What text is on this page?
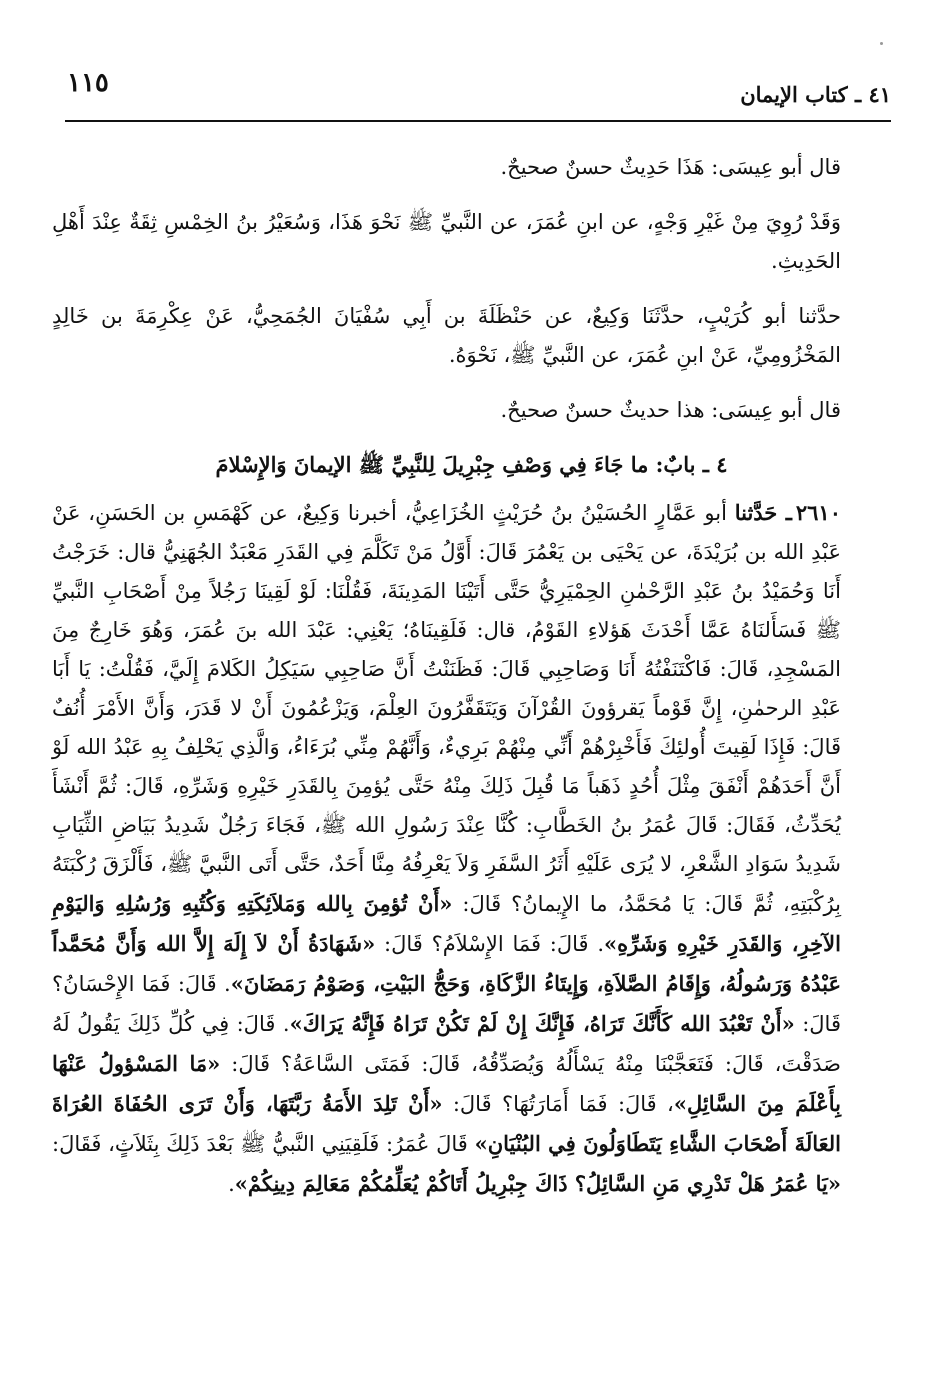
٤١ ـ كتاب الإيمان
١١٥

قال أبو عِيسَى: هَذَا حَدِيثٌ حسنٌ صحيحٌ.

وَقَدْ رُوِيَ مِنْ غَيْرِ وَجْهٍ، عن ابنِ عُمَرَ، عن النَّبيِّ ﷺ نَحْوَ هَذَا، وَسُعَيْرُ بنُ الخِمْسِ ثِقَةٌ عِنْدَ أَهْلِ الحَدِيثِ.

حدَّثنا أبو كُرَيْبٍ، حدَّثَنَا وَكِيعٌ، عن حَنْظَلَةَ بن أَبِي سُفْيَانَ الجُمَحِيُّ، عَنْ عِكْرِمَةَ بن خَالِدٍ المَخْزُومِيِّ، عَنْ ابنِ عُمَرَ، عن النَّبيِّ ﷺ، نَحْوَهُ.

قال أبو عِيسَى: هذا حديثٌ حسنٌ صحيحٌ.

٤ ـ بابٌ: ما جَاءَ فِي وَصْفِ جِبْرِيلَ لِلنَّبِيِّ ﷺ الإيمانَ وَالإِسْلامَ

٢٦١٠ـ حَدَّثنا أبو عَمَّارٍ الحُسَيْنُ بنُ حُرَيْثٍ الخُزَاعِيُّ، أخبرنا وَكِيعٌ، عن كَهْمَسِ بن الحَسَنِ، عَنْ عَبْدِ الله بن بُرَيْدَةَ، عن يَحْيَى بن يَعْمُرَ قَالَ: أَوَّلُ مَنْ تَكَلَّمَ فِي القَدَرِ مَعْبَدٌ الجُهَنِيُّ قال: خَرَجْتُ أَنَا وَحُمَيْدُ بنُ عَبْدِ الرَّحْمٰنِ الحِمْيَرِيُّ حَتَّى أَتَيْنَا المَدِينَةَ، فَقُلْنَا: لَوْ لَقِينَا رَجُلاً مِنْ أَصْحَابِ النَّبيِّ ﷺ فَسَأَلنَاهُ عَمَّا أَحْدَثَ هَؤلاءِ القَوْمُ، قال: فَلَقِينَاهُ؛ يَعْنِي: عَبْدَ الله بنَ عُمَرَ، وَهُوَ خَارِجٌ مِنَ المَسْجِدِ، قَالَ: فَاكْتَنَفْتُهُ أَنَا وَصَاحِبِي قَالَ: فَظَنَنْتُ أَنَّ صَاحِبِي سَيَكِلُ الكَلامَ إِلَيَّ، فَقُلْتُ: يَا أَبَا عَبْدِ الرحمٰنِ، إِنَّ قَوْماً يَقرؤونَ القُرْآنَ وَيَتَقَفَّرُونَ العِلْمَ، وَيَزْعُمُونَ أَنْ لا قَدَرَ، وَأَنَّ الأَمْرَ أُنُفٌ قَالَ: فَإِذَا لَقِيتَ أُولئِكَ فَأَخْبِرْهُمْ أَنِّي مِنْهُمْ بَرِيءٌ، وَأَنَّهُمْ مِنِّي بُرَءَاءُ، وَالَّذِي يَحْلِفُ بِهِ عَبْدُ الله لَوْ أَنَّ أَحَدَهُمْ أَنْفَقَ مِثْلَ أُحُدٍ ذَهَباً مَا قُبِلَ ذَلِكَ مِنْهُ حَتَّى يُؤمِنَ بِالقَدَرِ خَيْرِهِ وَشَرِّهِ، قَالَ: ثُمَّ أَنْشَأَ يُحَدِّثُ، فَقَالَ: قَالَ عُمَرُ بنُ الخَطَّابِ: كُنَّا عِنْدَ رَسُولِ الله ﷺ، فَجَاءَ رَجُلٌ شَدِيدُ بَيَاضِ الثِّيَابِ شَدِيدُ سَوَادِ الشَّعْرِ، لا يُرَى عَلَيْهِ أَثَرُ السَّفَرِ وَلاَ يَعْرِفُهُ مِنَّا أَحَدٌ، حَتَّى أَتَى النَّبيَّ ﷺ، فَأَلْزَقَ رُكْبَتَهُ بِرُكْبَتِهِ، ثُمَّ قَالَ: يَا مُحَمَّدُ، ما الإِيمانُ؟ قَالَ: «أَنْ تُؤمِنَ بِالله وَمَلاَئِكَتِهِ وَكُتُبِهِ وَرُسُلِهِ وَاليَوْمِ الآخِرِ، وَالقَدَرِ خَيْرِهِ وَشَرِّهِ». قَالَ: فَمَا الإِسْلاَمُ؟ قَالَ: «شَهَادَةُ أَنْ لاَ إِلَهَ إِلاَّ الله وَأَنَّ مُحَمَّداً عَبْدُهُ وَرَسُولُهُ، وَإِقَامُ الصَّلاَةِ، وَإِيتَاءُ الزَّكَاةِ، وَحَجُّ البَيْتِ، وَصَوْمُ رَمَضَانَ». قَالَ: فَمَا الإِحْسَانُ؟ قَالَ: «أَنْ تَعْبُدَ الله كَأَنَّكَ تَرَاهُ، فَإِنَّكَ إِنْ لَمْ تَكُنْ تَرَاهُ فَإِنَّهُ يَرَاكَ». قَالَ: فِي كُلِّ ذَلِكَ يَقُولُ لَهُ صَدَقْتَ، قَالَ: فَتَعَجَّبْنَا مِنْهُ يَسْأَلُهُ وَيُصَدِّقُهُ، قَالَ: فَمَتَى السَّاعَةُ؟ قَالَ: «مَا المَسْؤولُ عَنْهَا بِأَعْلَمَ مِنَ السَّائِلِ»، قَالَ: فَمَا أَمَارَتُهَا؟ قَالَ: «أَنْ تَلِدَ الأَمَةُ رَبَّتَهَا، وَأَنْ تَرَى الحُفَاةَ العُرَاةَ العَالَةَ أَصْحَابَ الشَّاءِ يَتَطَاوَلُونَ فِي البُنْيَانِ» قَالَ عُمَرُ: فَلَقِيَنِي النَّبيُّ ﷺ بَعْدَ ذَلِكَ بِثَلاَثٍ، فَقَالَ: «يَا عُمَرُ هَلْ تَدْرِي مَنِ السَّائِلُ؟ ذَاكَ جِبْرِيلُ أَتَاكُمْ يُعَلِّمُكُمْ مَعَالِمَ دِينِكُمْ».
